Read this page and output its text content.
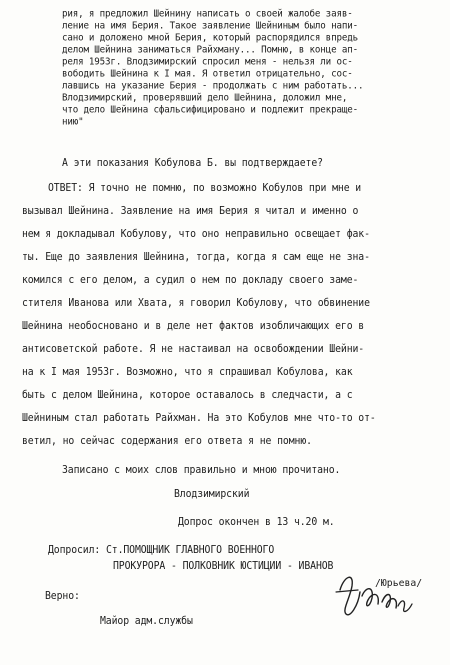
рия, я предложил Шейнину написать о своей жалобе заяв-
ление на имя Берия. Такое заявление Шейниным было напи-
сано и доложено мной Берия, который распорядился впредь
делом Шейнина заниматься Райхману... Помню, в конце ап-
реля 1953г. Влодзимирский спросил меня - нельзя ли ос-
вободить Шейнина к I мая. Я ответил отрицательно, сос-
лавшись на указание Берия - продолжать с ним работать...
Влодзимирский, проверявший дело Шейнина, доложил мне,
что дело Шейнина сфальсифицировано и подлежит прекраще-
нию"
А эти показания Кобулова Б. вы подтверждаете?
ОТВЕТ: Я точно не помню, по возможно Кобулов при мне и
вызывал Шейнина. Заявление на имя Берия я читал и именно о
нем я докладывал Кобулову, что оно неправильно освещает фак-
ты. Еще до заявления Шейнина, тогда, когда я сам еще не зна-
комился с его делом, а судил о нем по докладу своего заме-
стителя Иванова или Хвата, я говорил Кобулову, что обвинение
Шейнина необосновано и в деле нет фактов изобличающих его в
антисоветской работе. Я не настаивал на освобождении Шейни-
на к I мая 1953г. Возможно, что я спрашивал Кобулова, как
быть с делом Шейнина, которое оставалось в следчасти, а с
Шейниным стал работать Райхман. На это Кобулов мне что-то от-
ветил, но сейчас содержания его ответа я не помню.
Записано с моих слов правильно и мною прочитано.
Влодзимирский
Допрос окончен в 13 ч.20 м.
Допросил: Ст.ПОМОЩНИК ГЛАВНОГО ВОЕННОГО
ПРОКУРОРА - ПОЛКОВНИК ЮСТИЦИИ - ИВАНОВ
Верно:
Майор адм.службы
/Юрьева/
